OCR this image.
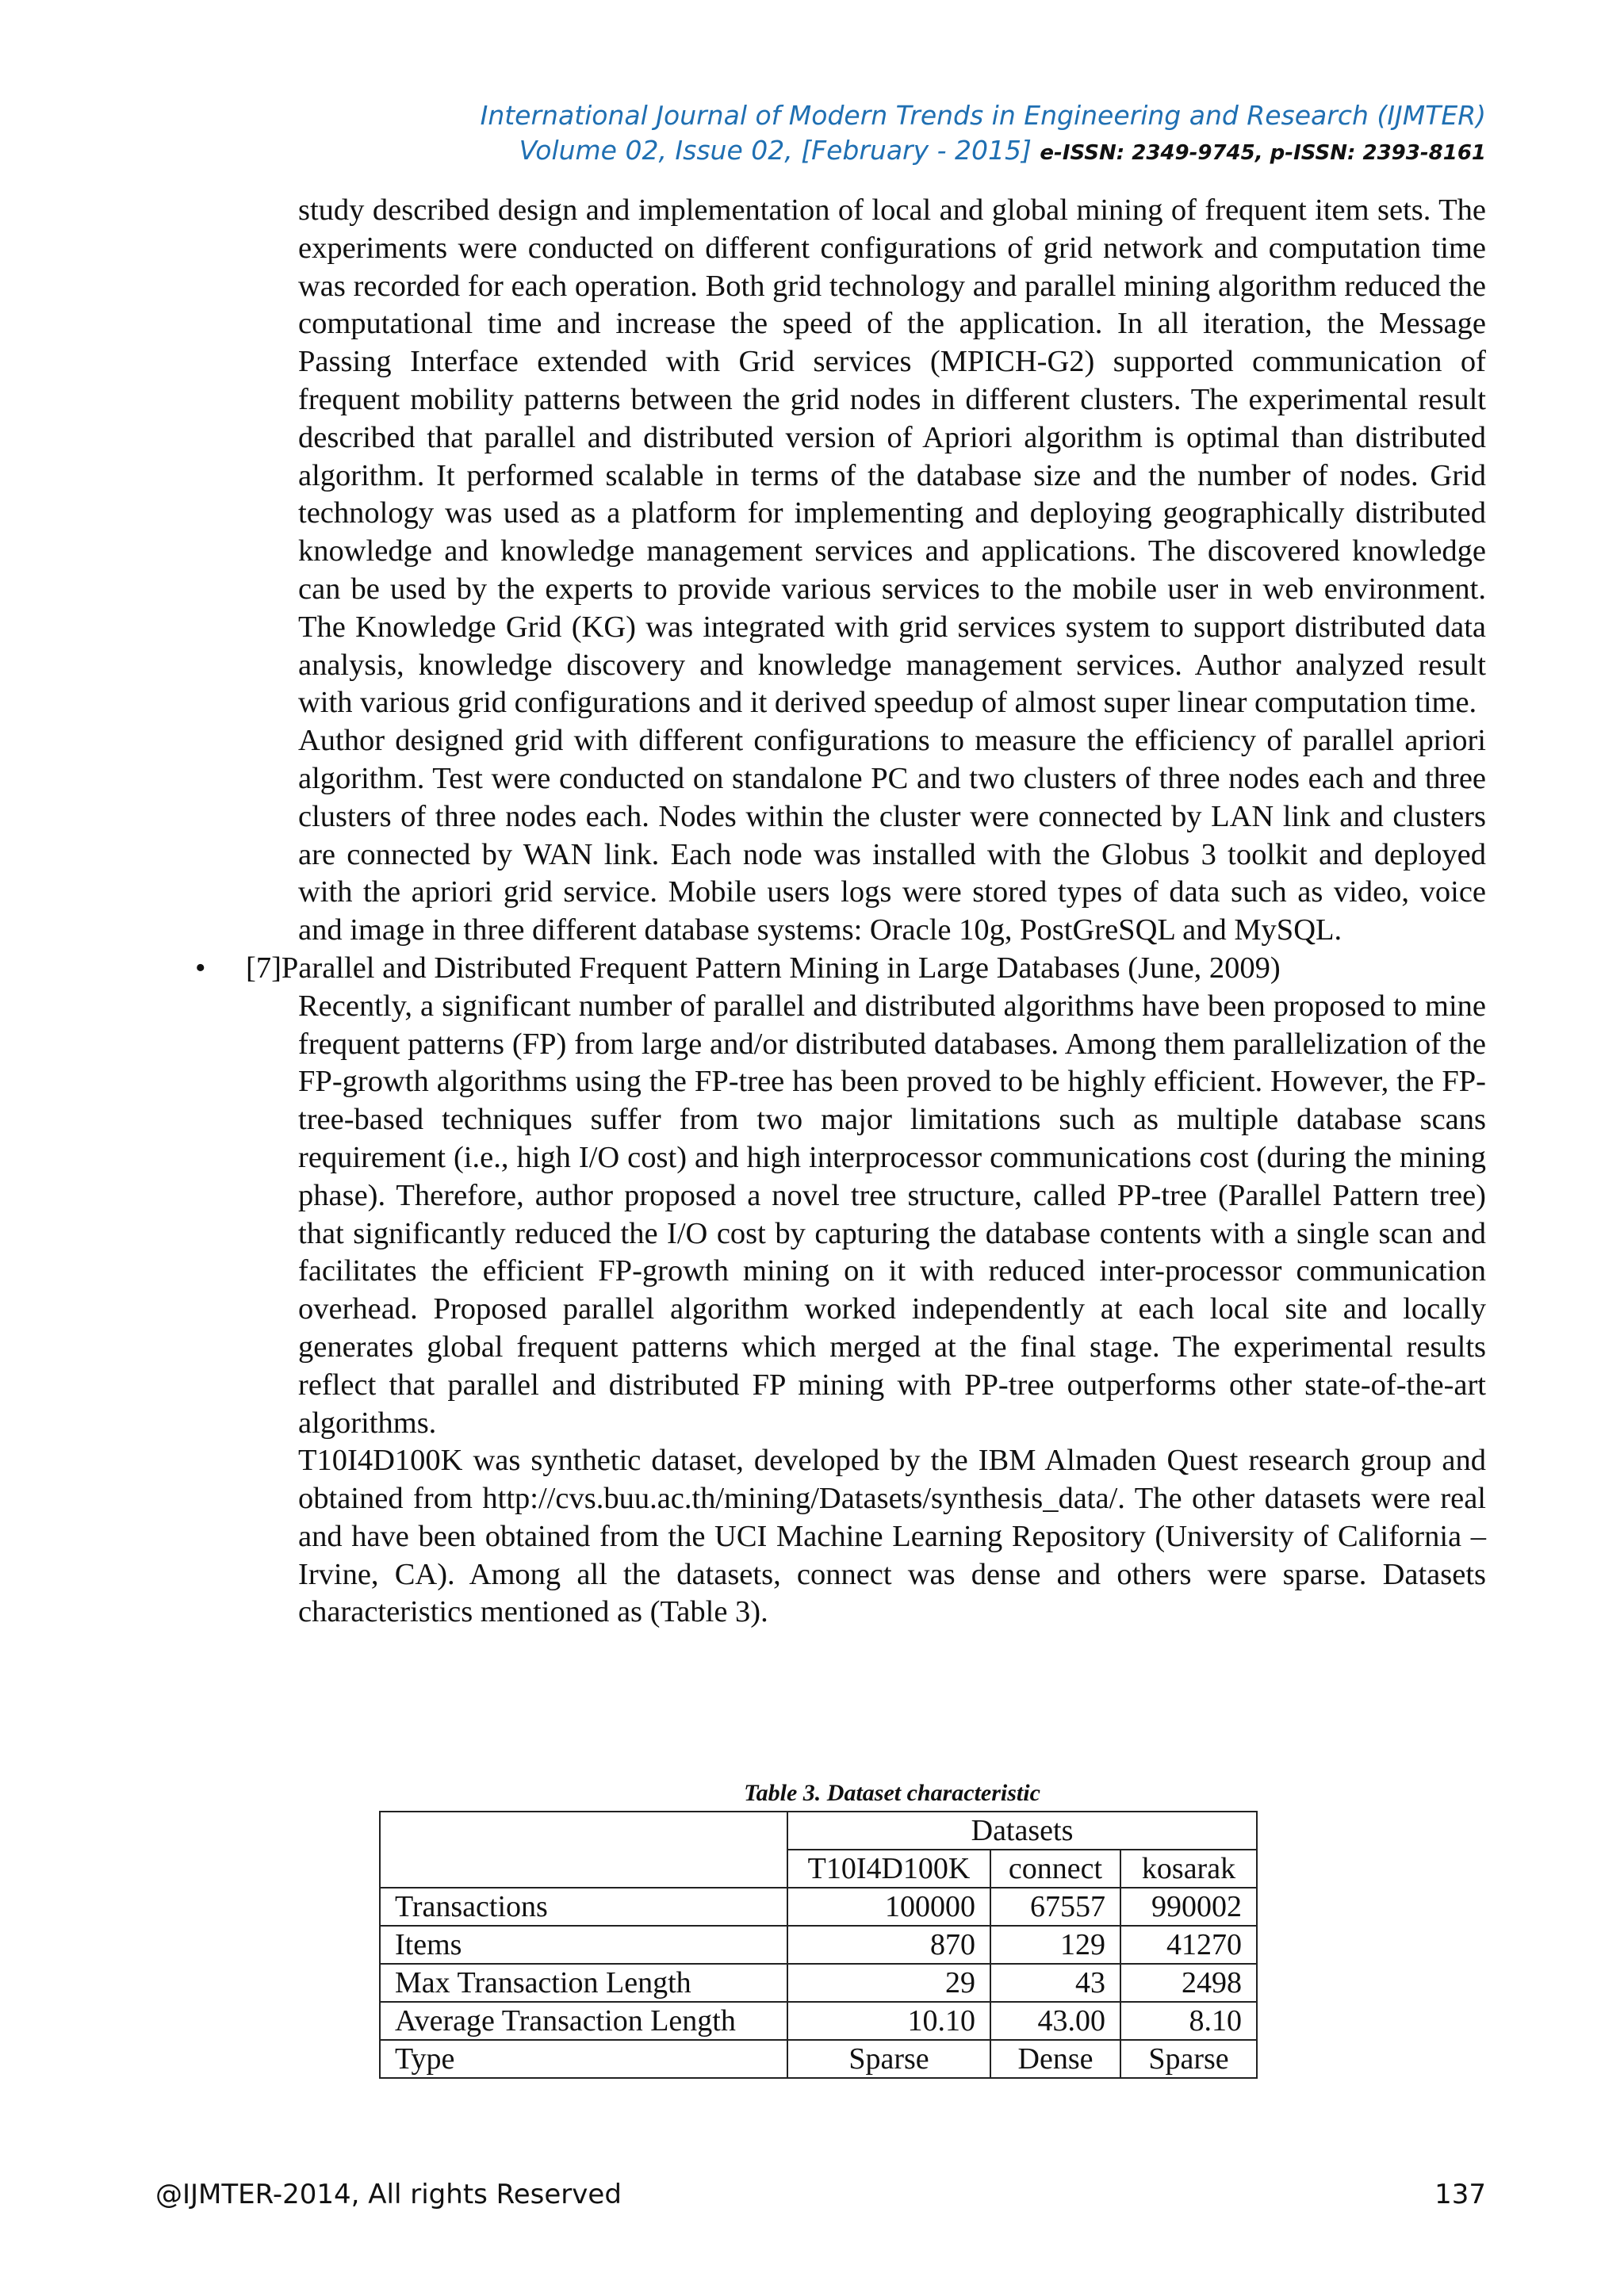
International Journal of Modern Trends in Engineering and Research (IJMTER)
Volume 02, Issue 02, [February - 2015] e-ISSN: 2349-9745, p-ISSN: 2393-8161

study described design and implementation of local and global mining of frequent item sets. The experiments were conducted on different configurations of grid network and computation time was recorded for each operation. Both grid technology and parallel mining algorithm reduced the computational time and increase the speed of the application. In all iteration, the Message Passing Interface extended with Grid services (MPICH-G2) supported communication of frequent mobility patterns between the grid nodes in different clusters. The experimental result described that parallel and distributed version of Apriori algorithm is optimal than distributed algorithm. It performed scalable in terms of the database size and the number of nodes. Grid technology was used as a platform for implementing and deploying geographically distributed knowledge and knowledge management services and applications. The discovered knowledge can be used by the experts to provide various services to the mobile user in web environment. The Knowledge Grid (KG) was integrated with grid services system to support distributed data analysis, knowledge discovery and knowledge management services. Author analyzed result with various grid configurations and it derived speedup of almost super linear computation time.

Author designed grid with different configurations to measure the efficiency of parallel apriori algorithm. Test were conducted on standalone PC and two clusters of three nodes each and three clusters of three nodes each. Nodes within the cluster were connected by LAN link and clusters are connected by WAN link. Each node was installed with the Globus 3 toolkit and deployed with the apriori grid service. Mobile users logs were stored types of data such as video, voice and image in three different database systems: Oracle 10g, PostGreSQL and MySQL.

• [7]Parallel and Distributed Frequent Pattern Mining in Large Databases (June, 2009)

Recently, a significant number of parallel and distributed algorithms have been proposed to mine frequent patterns (FP) from large and/or distributed databases. Among them parallelization of the FP-growth algorithms using the FP-tree has been proved to be highly efficient. However, the FP-tree-based techniques suffer from two major limitations such as multiple database scans requirement (i.e., high I/O cost) and high interprocessor communications cost (during the mining phase). Therefore, author proposed a novel tree structure, called PP-tree (Parallel Pattern tree) that significantly reduced the I/O cost by capturing the database contents with a single scan and facilitates the efficient FP-growth mining on it with reduced inter-processor communication overhead. Proposed parallel algorithm worked independently at each local site and locally generates global frequent patterns which merged at the final stage. The experimental results reflect that parallel and distributed FP mining with PP-tree outperforms other state-of-the-art algorithms.

T10I4D100K was synthetic dataset, developed by the IBM Almaden Quest research group and obtained from http://cvs.buu.ac.th/mining/Datasets/synthesis_data/. The other datasets were real and have been obtained from the UCI Machine Learning Repository (University of California – Irvine, CA). Among all the datasets, connect was dense and others were sparse. Datasets characteristics mentioned as (Table 3).

Table 3. Dataset characteristic
	Datasets		
	T10I4D100K	connect	kosarak
Transactions	100000	67557	990002
Items	870	129	41270
Max Transaction Length	29	43	2498
Average Transaction Length	10.10	43.00	8.10
Type	Sparse	Dense	Sparse
@IJMTER-2014, All rights Reserved	137
